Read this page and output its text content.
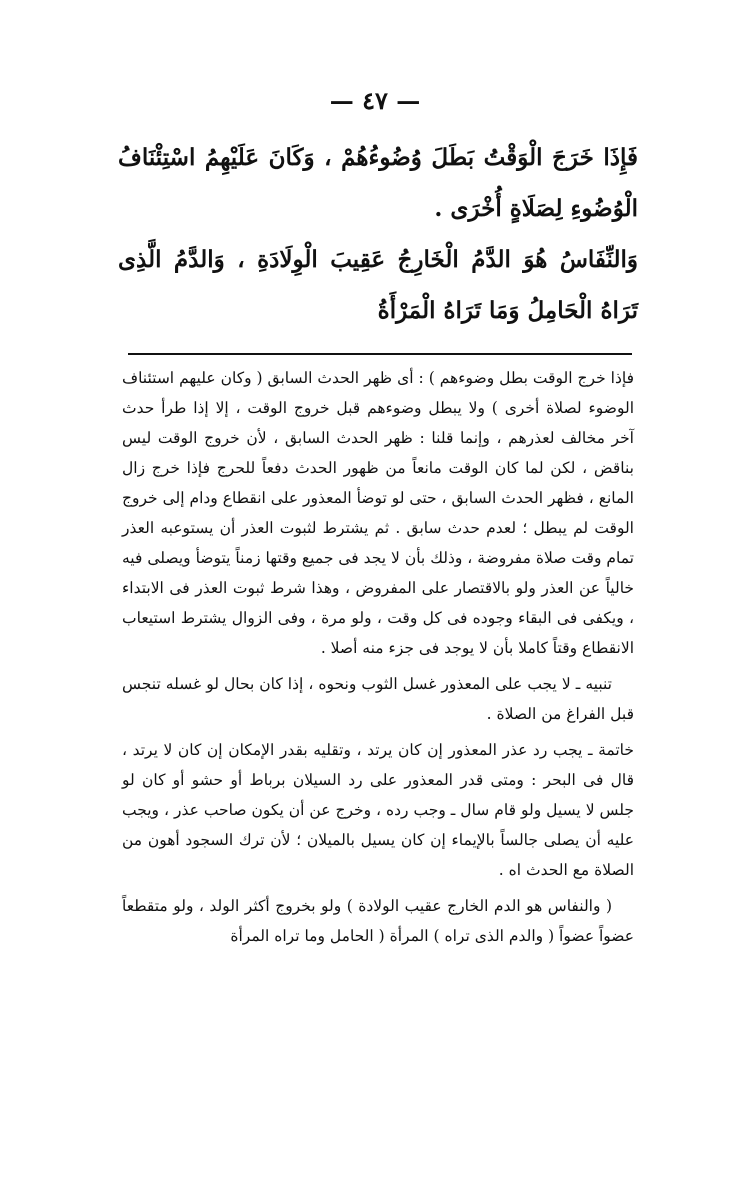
— ٤٧ —

فَإِذَا خَرَجَ الْوَقْتُ بَطَلَ وُضُوءُهُمْ ، وَكَانَ عَلَيْهِمُ اسْتِئْنَافُ الْوُضُوءِ لِصَلَاةٍ أُخْرَى .

وَالنِّفَاسُ هُوَ الدَّمُ الْخَارِجُ عَقِيبَ الْوِلَادَةِ ، وَالدَّمُ الَّذِى تَرَاهُ الْحَامِلُ وَمَا تَرَاهُ الْمَرْأَةُ

فإذا خرج الوقت بطل وضوءهم ) : أى ظهر الحدث السابق ( وكان عليهم استئناف الوضوء لصلاة أخرى ) ولا يبطل وضوءهم قبل خروج الوقت ، إلا إذا طرأ حدث آخر مخالف لعذرهم ، وإنما قلنا : ظهر الحدث السابق ، لأن خروج الوقت ليس بناقض ، لكن لما كان الوقت مانعاً من ظهور الحدث دفعاً للحرج فإذا خرج زال المانع ، فظهر الحدث السابق ، حتى لو توضأ المعذور على انقطاع ودام إلى خروج الوقت لم يبطل ؛ لعدم حدث سابق . ثم يشترط لثبوت العذر أن يستوعبه العذر تمام وقت صلاة مفروضة ، وذلك بأن لا يجد فى جميع وقتها زمناً يتوضأ ويصلى فيه خالياً عن العذر ولو بالاقتصار على المفروض ، وهذا شرط ثبوت العذر فى الابتداء ، ويكفى فى البقاء وجوده فى كل وقت ، ولو مرة ، وفى الزوال يشترط استيعاب الانقطاع وقتاً كاملا بأن لا يوجد فى جزء منه أصلا .

تنبيه ـ لا يجب على المعذور غسل الثوب ونحوه ، إذا كان بحال لو غسله تنجس قبل الفراغ من الصلاة .

خاتمة ـ يجب رد عذر المعذور إن كان يرتد ، وتقليه بقدر الإمكان إن كان لا يرتد ، قال فى البحر : ومتى قدر المعذور على رد السيلان برباط أو حشو أو كان لو جلس لا يسيل ولو قام سال ـ وجب رده ، وخرج عن أن يكون صاحب عذر ، ويجب عليه أن يصلى جالساً بالإيماء إن كان يسيل بالميلان ؛ لأن ترك السجود أهون من الصلاة مع الحدث اه .

( والنفاس هو الدم الخارج عقيب الولادة ) ولو بخروج أكثر الولد ، ولو متقطعاً عضواً عضواً ( والدم الذى تراه ) المرأة ( الحامل وما تراه المرأة
